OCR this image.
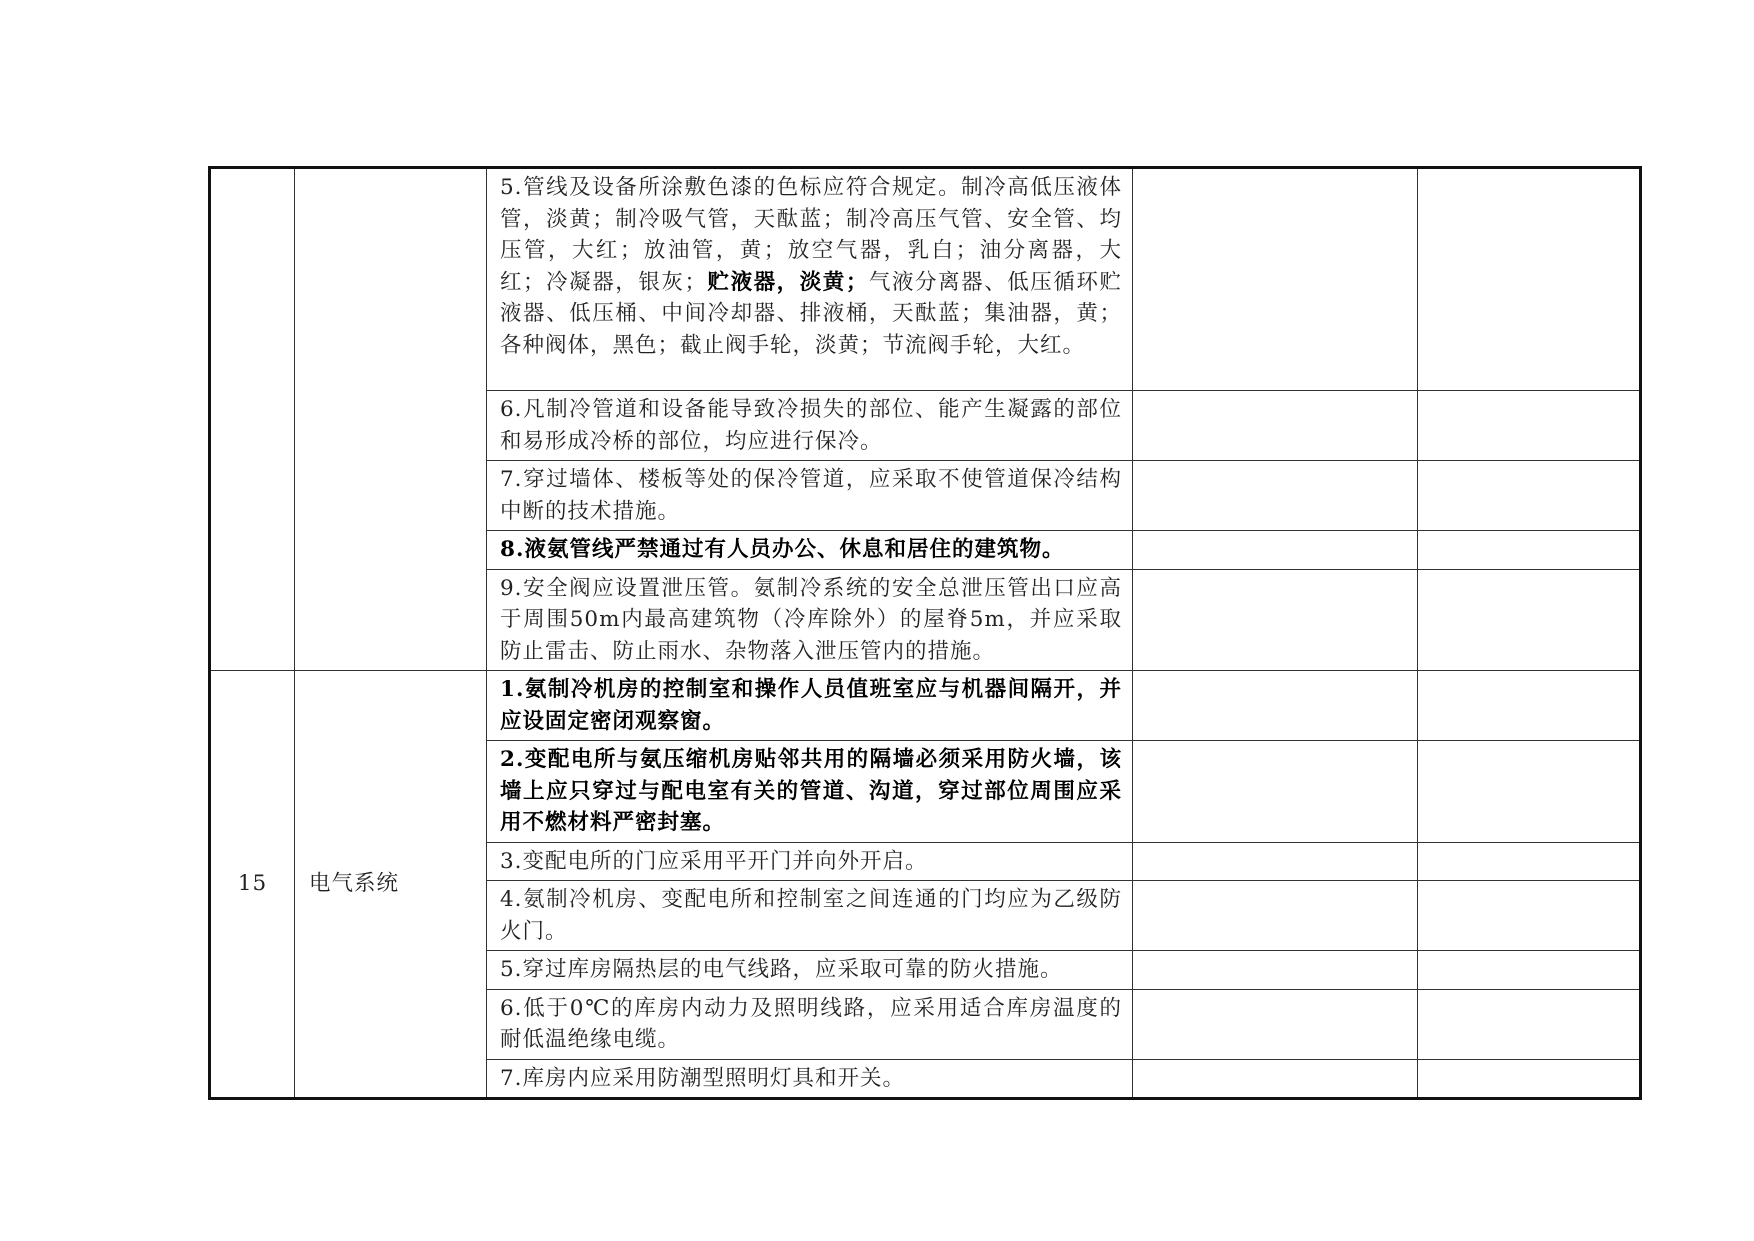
		5.管线及设备所涂敷色漆的色标应符合规定。制冷高低压液体管，淡黄；制冷吸气管，天酞蓝；制冷高压气管、安全管、均压管，大红；放油管，黄；放空气器，乳白；油分离器，大红；冷凝器，银灰；贮液器，淡黄；气液分离器、低压循环贮液器、低压桶、中间冷却器、排液桶，天酞蓝；集油器，黄；各种阀体，黑色；截止阀手轮，淡黄；节流阀手轮，大红。		
		6.凡制冷管道和设备能导致冷损失的部位、能产生凝露的部位和易形成冷桥的部位，均应进行保冷。		
		7.穿过墙体、楼板等处的保冷管道，应采取不使管道保冷结构中断的技术措施。		
		8.液氨管线严禁通过有人员办公、休息和居住的建筑物。		
		9.安全阀应设置泄压管。氨制冷系统的安全总泄压管出口应高于周围50m内最高建筑物（冷库除外）的屋脊5m，并应采取防止雷击、防止雨水、杂物落入泄压管内的措施。		
15	电气系统	1.氨制冷机房的控制室和操作人员值班室应与机器间隔开，并应设固定密闭观察窗。		
		2.变配电所与氨压缩机房贴邻共用的隔墙必须采用防火墙，该墙上应只穿过与配电室有关的管道、沟道，穿过部位周围应采用不燃材料严密封塞。		
		3.变配电所的门应采用平开门并向外开启。		
		4.氨制冷机房、变配电所和控制室之间连通的门均应为乙级防火门。		
		5.穿过库房隔热层的电气线路，应采取可靠的防火措施。		
		6.低于0℃的库房内动力及照明线路，应采用适合库房温度的耐低温绝缘电缆。		
		7.库房内应采用防潮型照明灯具和开关。		
